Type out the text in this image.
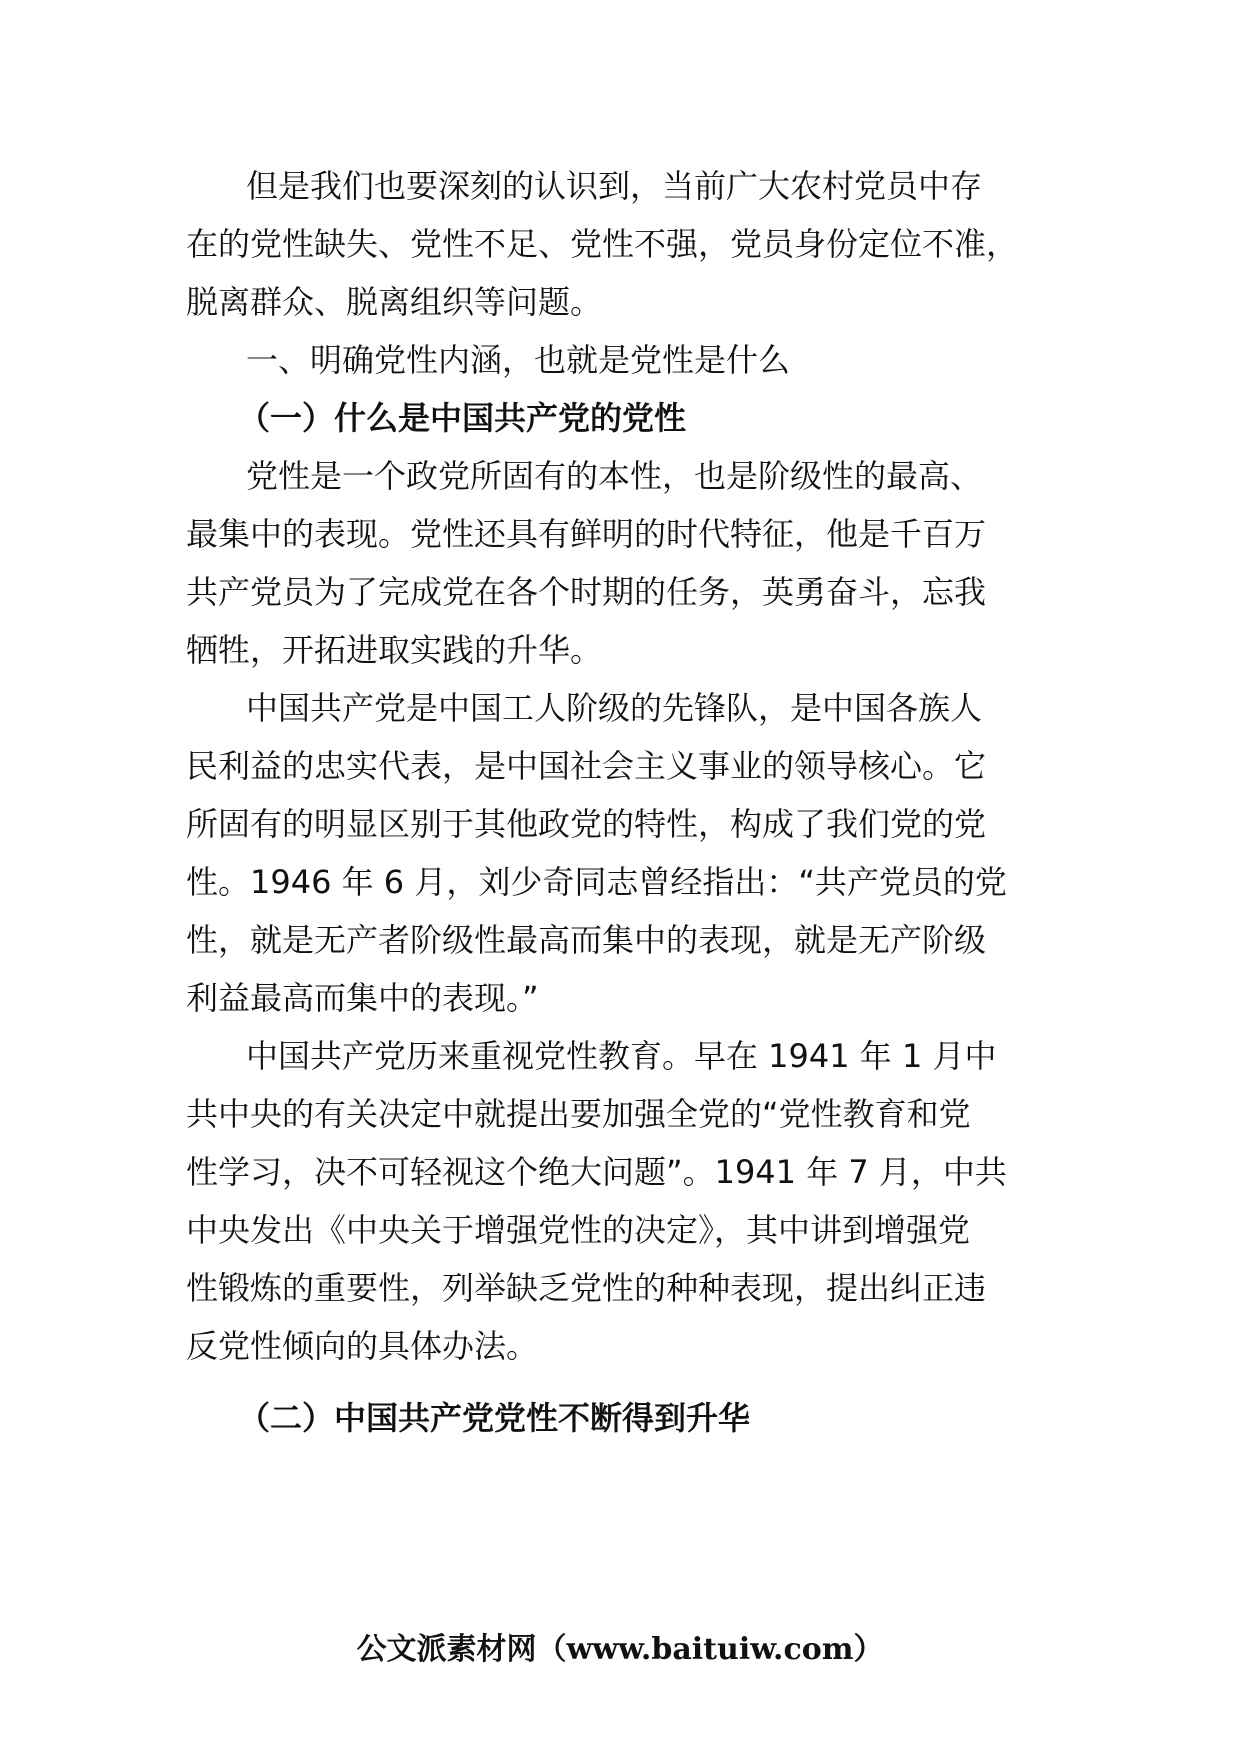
但是我们也要深刻的认识到，当前广大农村党员中存
在的党性缺失、党性不足、党性不强，党员身份定位不准，
脱离群众、脱离组织等问题。
一、明确党性内涵，也就是党性是什么
（一）什么是中国共产党的党性
党性是一个政党所固有的本性，也是阶级性的最高、
最集中的表现。党性还具有鲜明的时代特征，他是千百万
共产党员为了完成党在各个时期的任务，英勇奋斗，忘我
牺牲，开拓进取实践的升华。
中国共产党是中国工人阶级的先锋队，是中国各族人
民利益的忠实代表，是中国社会主义事业的领导核心。它
所固有的明显区别于其他政党的特性，构成了我们党的党
性。1946 年 6 月，刘少奇同志曾经指出：“共产党员的党
性，就是无产者阶级性最高而集中的表现，就是无产阶级
利益最高而集中的表现。”
中国共产党历来重视党性教育。早在 1941 年 1 月中
共中央的有关决定中就提出要加强全党的“党性教育和党
性学习，决不可轻视这个绝大问题”。1941 年 7 月，中共
中央发出《中央关于增强党性的决定》，其中讲到增强党
性锻炼的重要性，列举缺乏党性的种种表现，提出纠正违
反党性倾向的具体办法。
（二）中国共产党党性不断得到升华
公文派素材网（www.baituiw.com）
